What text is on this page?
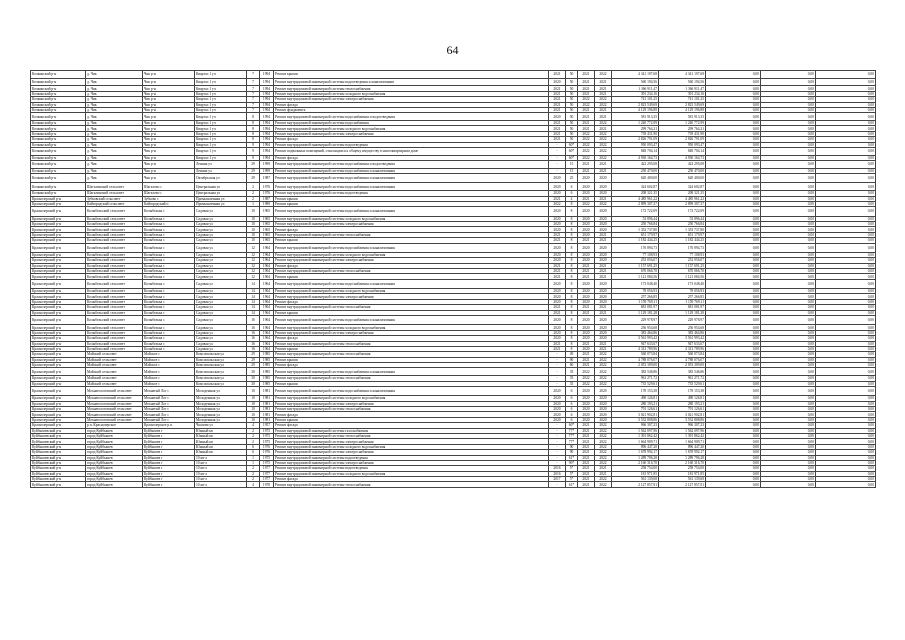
64
Кочкинский р-н	д. Чик	Чик р-н	Квартал 1 уч	7	1994	Ремонт крыши	2021	50	2021	2022	4 341 197,68	4 341 197,68	0,00	0,00	0,00
Кочкинский р-н	д. Чик	Чик р-н	Квартал 1 уч	7	1994	Ремонт внутридомовой инженерной системы водоотведения и канализования	2020	50	2021	2021	560 194,56	560 194,56	0,00	0,00	0,00
Кочкинский р-н	д. Чик	Чик р-н	Квартал 1 уч	7	1994	Ремонт внутридомовой инженерной системы теплоснабжения	2021	50	2021	2021	1 366 911,47	1 366 911,47	0,00	0,00	0,00
Кочкинский р-н	д. Чик	Чик р-н	Квартал 1 уч	7	1994	Ремонт внутридомовой инженерной системы холодного водоснабжения	2021	50	2021	2021	391 234,16	391 234,16	0,00	0,00	0,00
Кочкинский р-н	д. Чик	Чик р-н	Квартал 1 уч	7	1994	Ремонт внутридомовой инженерной системы электроснабжения	2021	50	2022	2022	741 101,25	741 101,25	0,00	0,00	0,00
Кочкинский р-н	д. Чик	Чик р-н	Квартал 1 уч	7	1994	Ремонт фасада	2021	50	2022	2022	2 823 549,69	2 823 549,69	0,00	0,00	0,00
Кочкинский р-н	д. Чик	Чик р-н	Квартал 1 уч	7	1994	Ремонт фундамента	2021	50	2021	2021	4 129 196,88	4 129 196,88	0,00	0,00	0,00
Кочкинский р-н	д. Чик	Чик р-н	Квартал 1 уч	8	1994	Ремонт внутридомовой инженерной системы водоснабжения и водоотведения	2020	50	2021	2021	581 913,35	581 913,35	0,00	0,00	0,00
Кочкинский р-н	д. Чик	Чик р-н	Квартал 1 уч	8	1994	Ремонт внутридомовой инженерной системы водоснабжения	2021	50	2021	2022	1 240 772,99	1 240 772,99	0,00	0,00	0,00
Кочкинский р-н	д. Чик	Чик р-н	Квартал 1 уч	8	1994	Ремонт внутридомовой инженерной системы холодного водоснабжения	2021	50	2021	2021	299 764,21	299 764,21	0,00	0,00	0,00
Кочкинский р-н	д. Чик	Чик р-н	Квартал 1 уч	8	1994	Ремонт внутридомовой инженерной системы электроснабжения	2021	50	2022	2022	739 431,90	739 431,90	0,00	0,00	0,00
Кочкинский р-н	д. Чик	Чик р-н	Квартал 1 уч	8	1994	Ремонт фасада	2021	50	2022	2022	2 826 791,09	2 826 791,09	0,00	0,00	0,00
Кочкинский р-н	д. Чик	Чик р-н	Квартал 1 уч	9	1994	Ремонт внутридомовой инженерной системы водоотведения	-	60*	2022	2022	950 093,47	950 093,47	0,00	0,00	0,00
Кочкинский р-н	д. Чик	Чик р-н	Квартал 1 уч	9	1994	Ремонт подвальных помещений, относящихся к общему имуществу в многоквартирном доме	-	60*	2022	2022	848 704,14	848 704,14	0,00	0,00	0,00
Кочкинский р-н	д. Чик	Чик р-н	Квартал 1 уч	9	1994	Ремонт фасада	-	60*	2022	2022	4 930 164,73	4 930 164,73	0,00	0,00	0,00
Кочкинский р-н	д. Чик	Чик р-н	Ленина ул	29	1999	Ремонт внутридомовой инженерной системы водоснабжения и водоотведения	-	15	2021	2021	422 295,08	422 295,08	0,00	0,00	0,00
Кочкинский р-н	д. Чик	Чик р-н	Ленина ул	29	1999	Ремонт внутридомовой инженерной системы водоснабжения и канализования	-	15	2021	2021	250 470,00	250 470,00	0,00	0,00	0,00
Кочкинский р-н	д. Чик	Чик р-н	Октябрьская ул	29	1987	Ремонт внутридомовой инженерной системы водоснабжения и канализования	2020	25	2020	2020	620 400,00	620 400,00	0,00	0,00	0,00
Кочкинский р-н	Шагалинский сельсовет	Шагалово с	Центральная ул	2	1976	Ремонт внутридомовой инженерной системы водоснабжения и канализования	2020	6	2020	2020	324 602,87	324 602,87	0,00	0,00	0,00
Кочкинский р-н	Шагалинский сельсовет	Шагалово с	Центральная ул	2	1976	Ремонт внутридомовой инженерной системы водоотведения	2020	6	2020	2020	208 321,35	208 321,35	0,00	0,00	0,00
Краснозерский р-н	Зубковский сельсовет	Зубково с	Промышленная ул	2	1987	Ремонт крыши	2021	4	2021	2021	4 485 961,22	4 485 961,22	0,00	0,00	0,00
Краснозерский р-н	Кайгородский сельсовет	Кайгородский п	Промышленная ул	1	1989	Ремонт крыши	2022	8	2022	2022	2 899 307,37	2 899 307,37	0,00	0,00	0,00
Краснозерский р-н	Колыбельский сельсовет	Колыбелька с	Садовая ул	10	1965	Ремонт внутридомовой инженерной системы водоснабжения и канализования	2020	8	2020	2020	172 722,09	172 722,09	0,00	0,00	0,00
Краснозерский р-н	Колыбельский сельсовет	Колыбелька с	Садовая ул	10	1965	Ремонт внутридомовой инженерной системы холодного водоснабжения	2020	8	2020	2020	53 896,44	53 896,44	0,00	0,00	0,00
Краснозерский р-н	Колыбельский сельсовет	Колыбелька с	Садовая ул	10	1965	Ремонт внутридомовой инженерной системы электроснабжения	2020	8	2020	2020	250 766,84	250 766,84	0,00	0,00	0,00
Краснозерский р-н	Колыбельский сельсовет	Колыбелька с	Садовая ул	10	1965	Ремонт фасада	2020	8	2020	2020	1 353 737,80	1 353 737,80	0,00	0,00	0,00
Краснозерский р-н	Колыбельский сельсовет	Колыбелька с	Садовая ул	10	1965	Ремонт внутридомовой инженерной системы теплоснабжения	2021	8	2020	2021	651 179,97	651 179,97	0,00	0,00	0,00
Краснозерский р-н	Колыбельский сельсовет	Колыбелька с	Садовая ул	10	1965	Ремонт крыши	2021	8	2021	2021	1 182 444,25	1 182 444,25	0,00	0,00	0,00
Краснозерский р-н	Колыбельский сельсовет	Колыбелька с	Садовая ул	12	1964	Ремонт внутридомовой инженерной системы водоснабжения и канализования	2020	8	2020	2020	176 894,73	176 894,73	0,00	0,00	0,00
Краснозерский р-н	Колыбельский сельсовет	Колыбелька с	Садовая ул	12	1964	Ремонт внутридомовой инженерной системы холодного водоснабжения	2020	8	2020	2020	77 108,93	77 108,93	0,00	0,00	0,00
Краснозерский р-н	Колыбельский сельсовет	Колыбелька с	Садовая ул	12	1964	Ремонт внутридомовой инженерной системы электроснабжения	2020	8	2020	2020	253 056,07	253 056,07	0,00	0,00	0,00
Краснозерский р-н	Колыбельский сельсовет	Колыбелька с	Садовая ул	12	1964	Ремонт фасада	2021	8	2021	2021	1 157 691,25	1 157 691,25	0,00	0,00	0,00
Краснозерский р-н	Колыбельский сельсовет	Колыбелька с	Садовая ул	12	1964	Ремонт внутридомовой инженерной системы теплоснабжения	2021	8	2021	2021	670 066,70	670 066,70	0,00	0,00	0,00
Краснозерский р-н	Колыбельский сельсовет	Колыбелька с	Садовая ул	12	1964	Ремонт крыши	2021	8	2021	2021	1 121 084,56	1 121 084,56	0,00	0,00	0,00
Краснозерский р-н	Колыбельский сельсовет	Колыбелька с	Садовая ул	14	1964	Ремонт внутридомовой инженерной системы водоснабжения и канализования	2020	8	2020	2020	173 048,40	173 048,40	0,00	0,00	0,00
Краснозерский р-н	Колыбельский сельсовет	Колыбелька с	Садовая ул	14	1964	Ремонт внутридомовой инженерной системы холодного водоснабжения	2020	8	2020	2020	78 056,93	78 056,93	0,00	0,00	0,00
Краснозерский р-н	Колыбельский сельсовет	Колыбелька с	Садовая ул	14	1964	Ремонт внутридомовой инженерной системы электроснабжения	2020	8	2020	2020	257 266,85	257 266,85	0,00	0,00	0,00
Краснозерский р-н	Колыбельский сельсовет	Колыбелька с	Садовая ул	14	1964	Ремонт фасада	2020	8	2020	2020	1 159 769,11	1 159 769,11	0,00	0,00	0,00
Краснозерский р-н	Колыбельский сельсовет	Колыбелька с	Садовая ул	14	1964	Ремонт внутридомовой инженерной системы теплоснабжения	2021	8	2021	2021	681 081,97	681 081,97	0,00	0,00	0,00
Краснозерский р-н	Колыбельский сельсовет	Колыбелька с	Садовая ул	14	1964	Ремонт крыши	2021	8	2021	2021	1 129 181,28	1 129 181,28	0,00	0,00	0,00
Краснозерский р-н	Колыбельский сельсовет	Колыбелька с	Садовая ул	16	1964	Ремонт внутридомовой инженерной системы водоснабжения и канализования	2020	8	2020	2020	229 978,97	229 978,97	0,00	0,00	0,00
Краснозерский р-н	Колыбельский сельсовет	Колыбелька с	Садовая ул	16	1964	Ремонт внутридомовой инженерной системы холодного водоснабжения	2020	8	2020	2020	256 954,68	256 954,68	0,00	0,00	0,00
Краснозерский р-н	Колыбельский сельсовет	Колыбелька с	Садовая ул	16	1964	Ремонт внутридомовой инженерной системы электроснабжения	2020	8	2020	2020	383 464,86	383 464,86	0,00	0,00	0,00
Краснозерский р-н	Колыбельский сельсовет	Колыбелька с	Садовая ул	16	1964	Ремонт фасада	2020	8	2020	2020	3 561 993,42	3 561 993,42	0,00	0,00	0,00
Краснозерский р-н	Колыбельский сельсовет	Колыбелька с	Садовая ул	16	1964	Ремонт внутридомовой инженерной системы теплоснабжения	2021	8	2021	2021	947 633,67	947 633,67	0,00	0,00	0,00
Краснозерский р-н	Колыбельский сельсовет	Колыбелька с	Садовая ул	16	1964	Ремонт крыши	2021	8	2020	2021	4 313 789,96	4 313 789,96	0,00	0,00	0,00
Краснозерский р-н	Майский сельсовет	Майское с	Комсомольская ул	29	1985	Ремонт внутридомовой инженерной системы теплоснабжения	-	49	2021	2022	560 073,84	560 073,84	0,00	0,00	0,00
Краснозерский р-н	Майский сельсовет	Майское с	Комсомольская ул	29	1985	Ремонт крыши	-	90	2021	2022	4 788 076,07	4 788 076,07	0,00	0,00	0,00
Краснозерский р-н	Майский сельсовет	Майское с	Комсомольская ул	29	1985	Ремонт фасада	-	60	2021	2022	2 053 309,00	2 053 309,00	0,00	0,00	0,00
Краснозерский р-н	Майский сельсовет	Майское с	Комсомольская ул	30	1985	Ремонт внутридомовой инженерной системы водоснабжения и канализования	-	35	2022	2022	383 546,86	383 546,86	0,00	0,00	0,00
Краснозерский р-н	Майский сельсовет	Майское с	Комсомольская ул	30	1985	Ремонт внутридомовой инженерной системы теплоснабжения	-	35	2022	2022	961 271,72	961 271,72	0,00	0,00	0,00
Краснозерский р-н	Майский сельсовет	Майское с	Комсомольская ул	30	1985	Ремонт крыши	-	35	2022	2022	735 529,61	735 529,61	0,00	0,00	0,00
Краснозерский р-н	Мохнатологовский сельсовет	Мохнатый Лог с	Молодежная ул	10	1981	Ремонт внутридомовой инженерной системы водоснабжения и канализования	2020	6	2020	2020	178 153,38	178 153,38	0,00	0,00	0,00
Краснозерский р-н	Мохнатологовский сельсовет	Мохнатый Лог с	Молодежная ул	10	1981	Ремонт внутридомовой инженерной системы холодного водоснабжения	2020	6	2020	2020	490 126,81	490 126,81	0,00	0,00	0,00
Краснозерский р-н	Мохнатологовский сельсовет	Мохнатый Лог с	Молодежная ул	10	1981	Ремонт внутридомовой инженерной системы электроснабжения	2020	6	2020	2020	280 193,21	280 193,21	0,00	0,00	0,00
Краснозерский р-н	Мохнатологовский сельсовет	Мохнатый Лог с	Молодежная ул	10	1981	Ремонт внутридомовой инженерной системы теплоснабжения	2020	6	2020	2020	791 126,61	791 126,61	0,00	0,00	0,00
Краснозерский р-н	Мохнатологовский сельсовет	Мохнатый Лог с	Молодежная ул	10	1981	Ремонт фасада	2020	6	2020	2020	3 021 902,81	3 021 902,81	0,00	0,00	0,00
Краснозерский р-н	Мохнатологовский сельсовет	Мохнатый Лог с	Молодежная ул	10	1981	Ремонт крыши	2020	6	2020	2020	3 532 808,86	3 532 808,86	0,00	0,00	0,00
Краснозерский р-н	р.п. Краснозерское	Краснозерское р.п.	Чкалова ул	4	1957	Ремонт фасада	-	60*	2021	2022	966 307,23	966 307,23	0,00	0,00	0,00
Куйбышевский р-н	город Куйбышев	Куйбышев г	Южный кв	2	1975	Ремонт внутридомовой инженерной системы газоснабжения	-	77*	2021	2022	1 562 097,96	1 562 097,96	0,00	0,00	0,00
Куйбышевский р-н	город Куйбышев	Куйбышев г	Южный кв	2	1975	Ремонт внутридомовой инженерной системы теплоснабжения	-	77*	2021	2022	1 391 862,42	1 391 862,42	0,00	0,00	0,00
Куйбышевский р-н	город Куйбышев	Куйбышев г	Южный кв	2	1975	Ремонт внутридомовой инженерной системы электроснабжения	-	77*	2021	2022	1 664 909,71	1 664 909,71	0,00	0,00	0,00
Куйбышевский р-н	город Куйбышев	Куйбышев г	Южный кв	6	1976	Ремонт внутридомовой инженерной системы холодного водоснабжения	-	90	2021	2022	896 447,20	896 447,20	0,00	0,00	0,00
Куйбышевский р-н	город Куйбышев	Куйбышев г	Южный кв	6	1976	Ремонт внутридомовой инженерной системы электроснабжения	-	90	2021	2022	1 678 992,17	1 678 992,17	0,00	0,00	0,00
Куйбышевский р-н	город Куйбышев	Куйбышев г	10 кв-л	1	1975	Ремонт внутридомовой инженерной системы водоотведения	-	61*	2021	2022	1 289 796,28	1 289 796,28	0,00	0,00	0,00
Куйбышевский р-н	город Куйбышев	Куйбышев г	10 кв-л	1	1975	Ремонт внутридомовой инженерной системы электроснабжения	-	90*	2021	2022	2 160 316,70	2 160 316,70	0,00	0,00	0,00
Куйбышевский р-н	город Куйбышев	Куйбышев г	10 кв-л	2	1977	Ремонт внутридомовой инженерной системы водоотведения	2016	5*	2021	2021	258 754,00	258 754,00	0,00	0,00	0,00
Куйбышевский р-н	город Куйбышев	Куйбышев г	10 кв-л	2	1977	Ремонт внутридомовой инженерной системы холодного водоснабжения	2016	5*	2021	2021	181 971,85	181 971,85	0,00	0,00	0,00
Куйбышевский р-н	город Куйбышев	Куйбышев г	10 кв-л	2	1977	Ремонт фасада	2017	5*	2021	2022	561 139,68	561 139,68	0,00	0,00	0,00
Куйбышевский р-н	город Куйбышев	Куйбышев г	10 кв-л	4	1978	Ремонт внутридомовой инженерной системы теплоснабжения	-	61*	2021	2022	2 127 857,91	2 127 857,91	0,00	0,00	0,00
